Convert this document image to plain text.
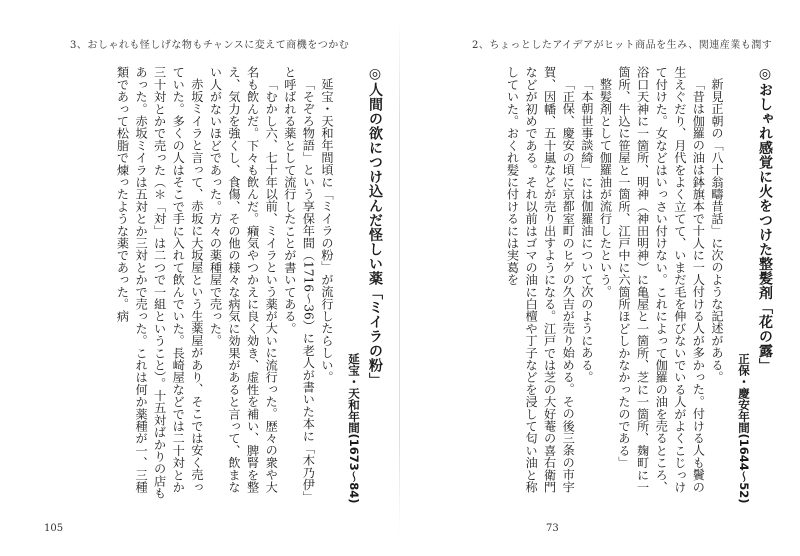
3、おしゃれも怪しげな物もチャンスに変えて商機をつかむ
◎人間の欲につけ込んだ怪しい薬「ミイラの粉」
延宝・天和年間(1673〜84)

延宝・天和年間頃に「ミイラの粉」が流行したらしい。

「そぞろ物語」という享保年間（1716〜36）に老人が書いた本に「木乃伊」と呼ばれる薬として流行したことが書いてある。

「むかし六、七十年以前、ミイラという薬が大いに流行った。歴々の衆や大名も飲んだ。下々も飲んだ。癪気やつかえに良く効き、虚性を補い、脾腎を整え、気力を強くし、食傷、その他の様々な病気に効果があると言って、飲まない人がないほどであった。方々の薬種屋で売った。

赤坂ミイラと言って、赤坂に大坂屋という生薬屋があり、そこでは安く売っていた。多くの人はそこで手に入れて飲んでいた。長崎屋などでは二十対とか三十対とかで売った（＊「対」は二つで一組ということ）。十五対ばかりの店もあった。赤坂ミイラは五対とか三対とかで売った。これは何か薬種が一、三種類であって松脂で煉ったような薬であった。病

105
2、ちょっとしたアイデアがヒット商品を生み、関連産業も潤す
◎おしゃれ感覚に火をつけた整髪剤「花の露」
正保・慶安年間(1644〜52)

新見正朝の「八十翁疇昔話」に次のような記述がある。

「昔は伽羅の油は鉢旗本で十人に一人付ける人が多かった。付ける人も鬢の生えぐだり、月代をよく立てて、いまだ毛を伸びないでいる人がよくこじっけて付けた。女などはいっさい付けない。これによって伽羅の油を売るところ、浴口天神に一箇所、明神（神田明神）に亀屋と一箇所、芝に一箇所、麹町に一箇所、牛込に笹屋と一箇所、江戸中に六箇所ほどしかなかったのである」

整髪剤として伽羅油が流行したという。

「本朝世事談綺」には伽羅油について次のようにある。

「正保、慶安の頃に京都室町のヒゲの久吉が売り始める。その後三条の市宇賀、因幡、五十嵐などが売り出すようになる。江戸では芝の大好菴の喜右衛門などが初めである。それ以前はゴマの油に白檀や丁子などを浸して匂い油と称していた。おくれ髪に付けるには実葛を

73
